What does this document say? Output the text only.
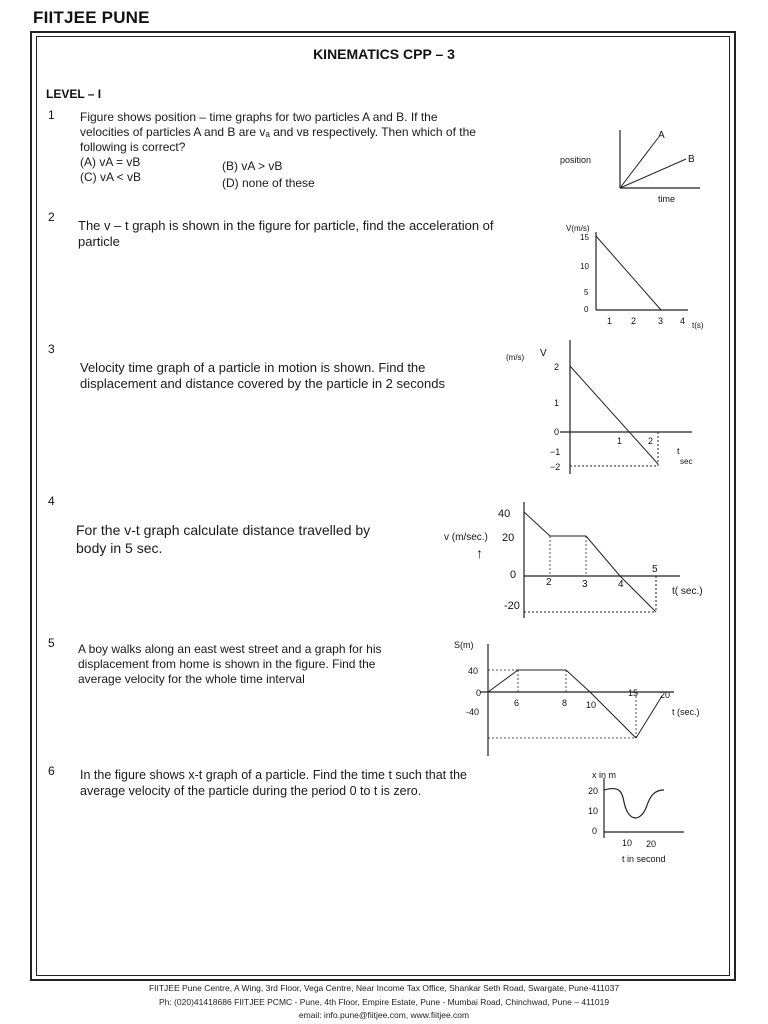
FIITJEE PUNE
KINEMATICS CPP – 3
LEVEL – I
1 Figure shows position – time graphs for two particles A and B. If the
velocities of particles A and B are vₐ and vʙ respectively. Then which of the
following is correct?
(A) vA = vB	(B) vA > vB
(C) vA < vB	(D) none of these
A
B
position
time
2
The v – t graph is shown in the figure for particle, find the acceleration of
particle
V(m/s)
15
10
5
0
1 2 3 4 t(s)
3
Velocity time graph of a particle in motion is shown. Find the
displacement and distance covered by the particle in 2 seconds
(m/s) V
2
1
0
−1
−2
1	2
t
sec
4
For the v-t graph calculate distance travelled by
body in 5 sec.
v (m/sec.)
40
20
0
-20
2	3	4
5
t( sec.)
↑
5 A boy walks along an east west street and a graph for his
displacement from home is shown in the figure. Find the
average velocity for the whole time interval
S(m)
40
0
-40
6	8 10
15 20
t (sec.)
6 In the figure shows x-t graph of a particle. Find the time t such that the
average velocity of the particle during the period 0 to t is zero.
x in m
20
10
0
10 20
t in second
FIITJEE Pune Centre, A Wing, 3rd Floor, Vega Centre, Near Income Tax Office, Shankar Seth Road, Swargate, Pune-411037
Ph: (020)41418686 FIITJEE PCMC - Pune, 4th Floor, Empire Estate, Pune - Mumbai Road, Chinchwad, Pune – 411019
email: info.pune@fiitjee.com, www.fiitjee.com
